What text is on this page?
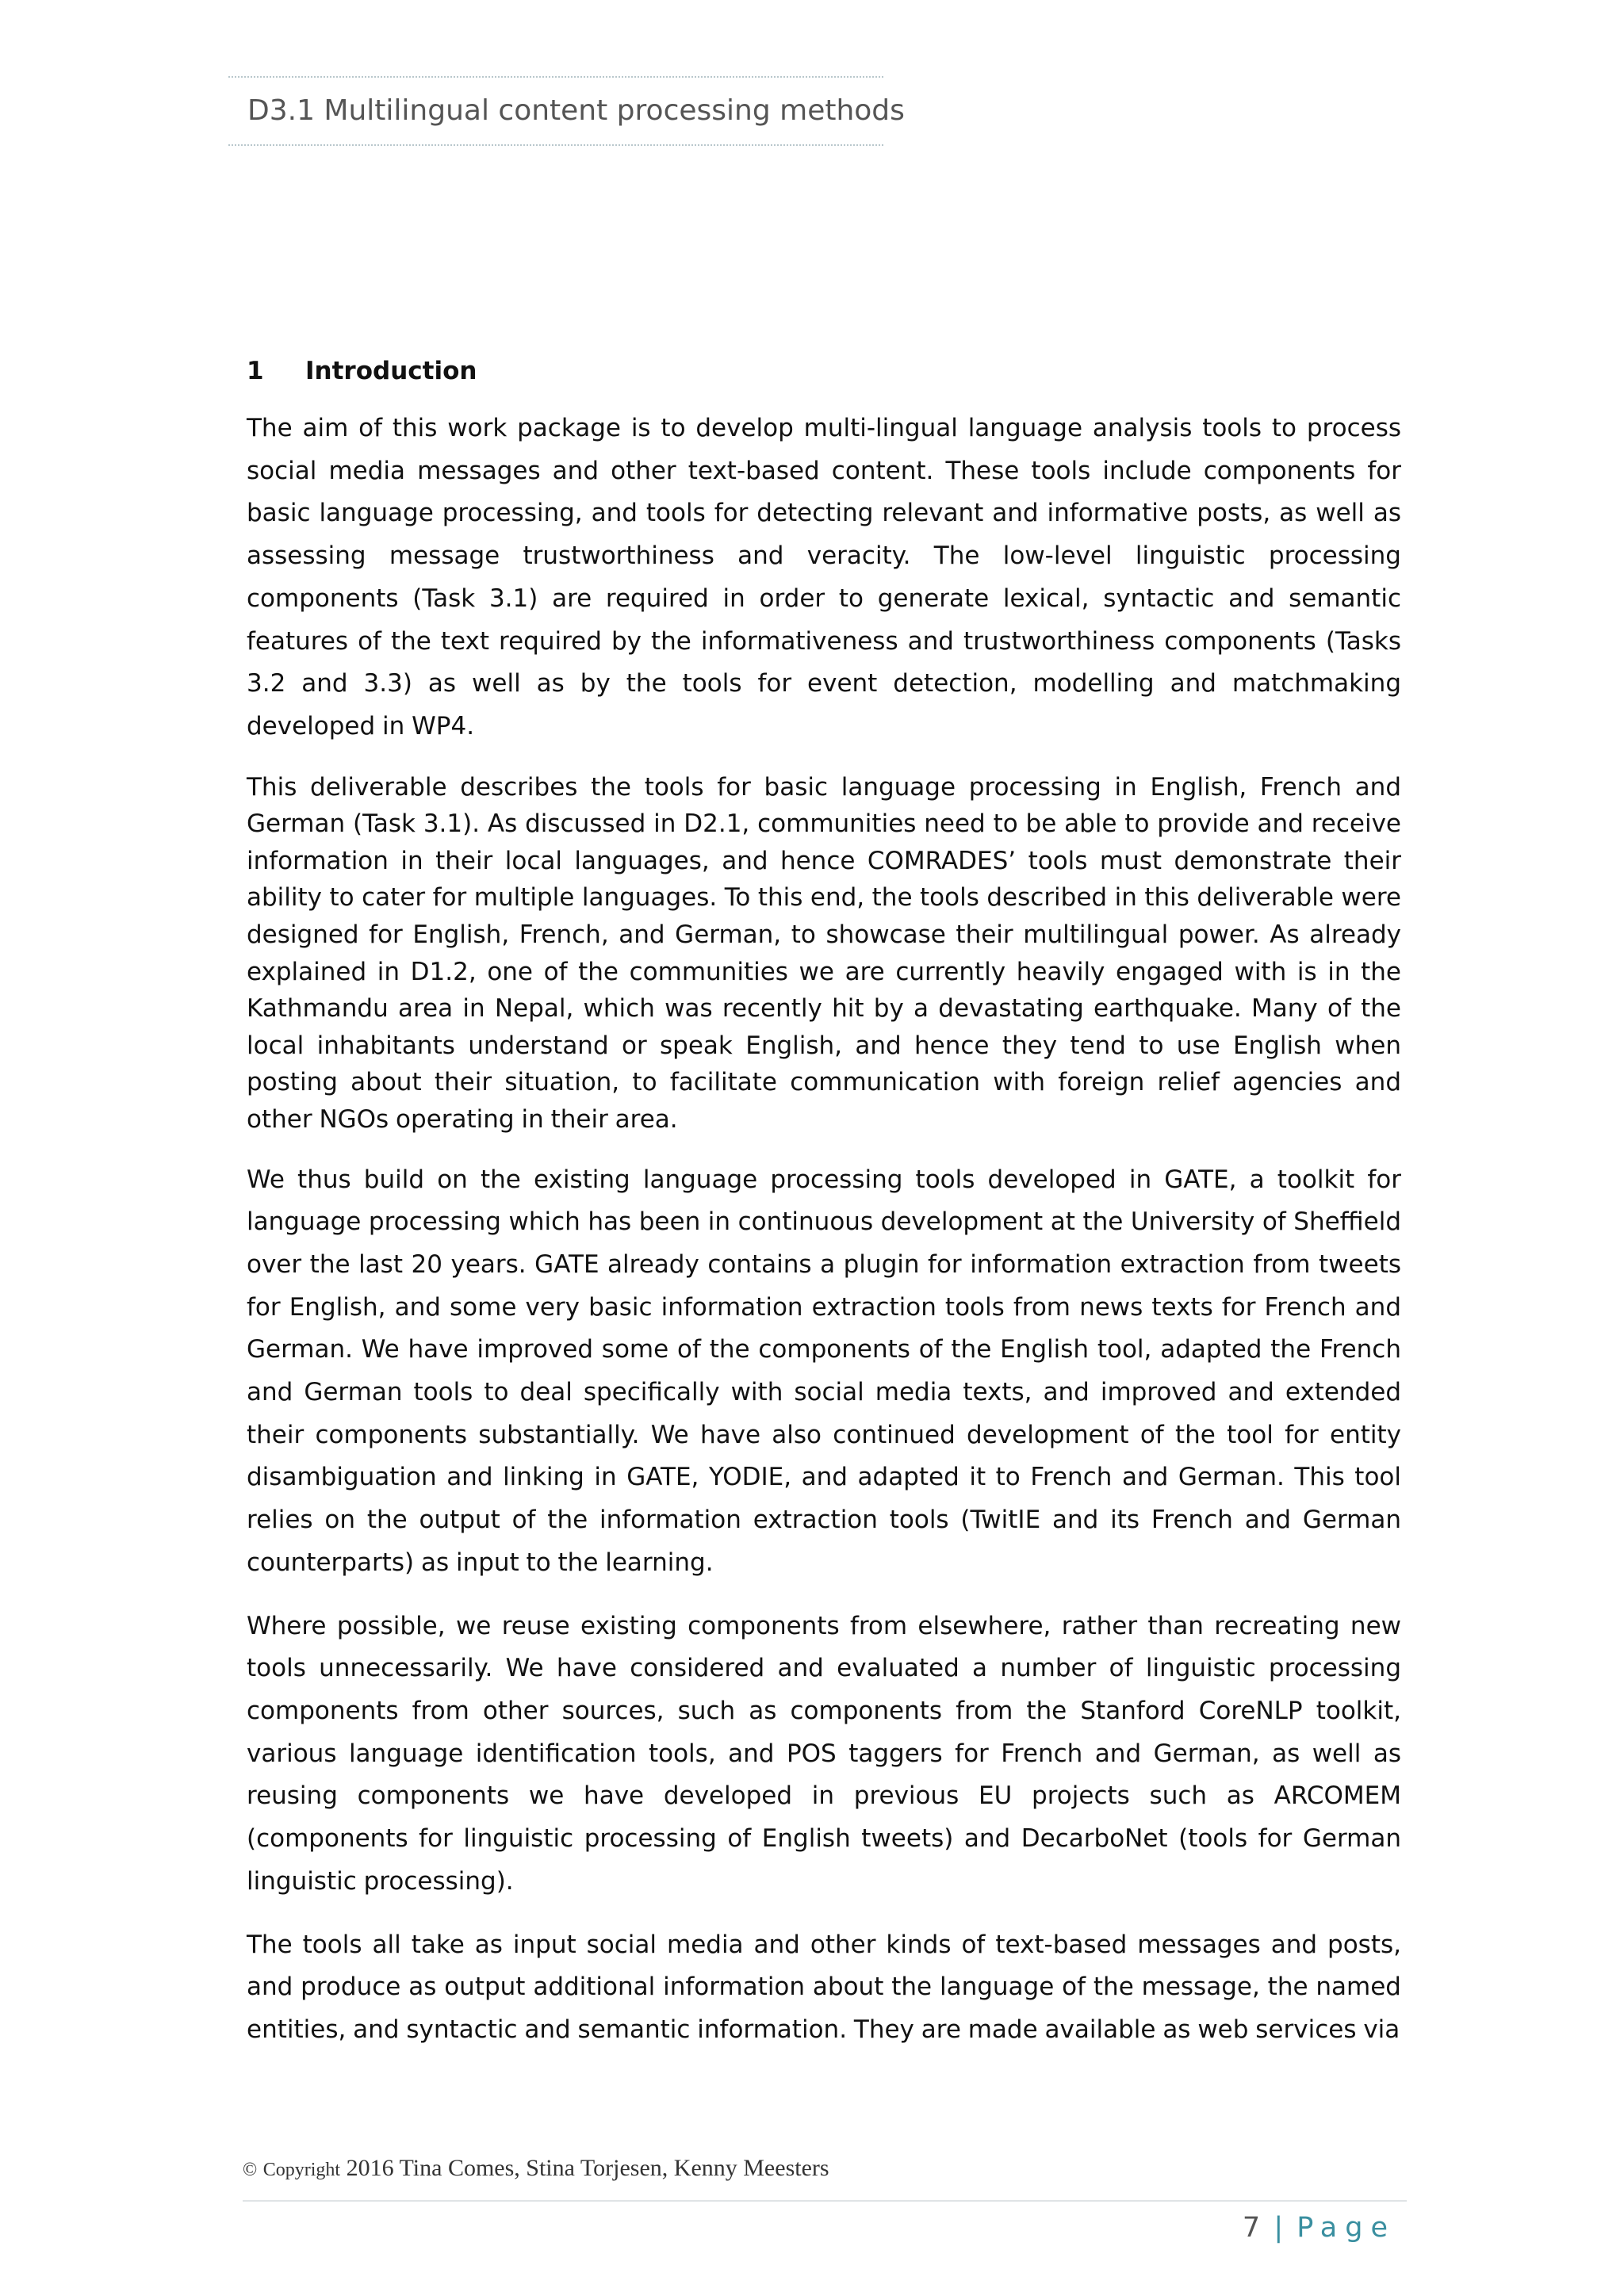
D3.1 Multilingual content processing methods
1	Introduction

The aim of this work package is to develop multi-lingual language analysis tools to process social media messages and other text-based content. These tools include components for basic language processing, and tools for detecting relevant and informative posts, as well as assessing message trustworthiness and veracity. The low-level linguistic processing components (Task 3.1) are required in order to generate lexical, syntactic and semantic features of the text required by the informativeness and trustworthiness components (Tasks 3.2 and 3.3) as well as by the tools for event detection, modelling and matchmaking developed in WP4.

This deliverable describes the tools for basic language processing in English, French and German (Task 3.1). As discussed in D2.1, communities need to be able to provide and receive information in their local languages, and hence COMRADES’ tools must demonstrate their ability to cater for multiple languages. To this end, the tools described in this deliverable were designed for English, French, and German, to showcase their multilingual power. As already explained in D1.2, one of the communities we are currently heavily engaged with is in the Kathmandu area in Nepal, which was recently hit by a devastating earthquake. Many of the local inhabitants understand or speak English, and hence they tend to use English when posting about their situation, to facilitate communication with foreign relief agencies and other NGOs operating in their area.

We thus build on the existing language processing tools developed in GATE, a toolkit for language processing which has been in continuous development at the University of Sheffield over the last 20 years. GATE already contains a plugin for information extraction from tweets for English, and some very basic information extraction tools from news texts for French and German. We have improved some of the components of the English tool, adapted the French and German tools to deal specifically with social media texts, and improved and extended their components substantially. We have also continued development of the tool for entity disambiguation and linking in GATE, YODIE, and adapted it to French and German. This tool relies on the output of the information extraction tools (TwitIE and its French and German counterparts) as input to the learning.

Where possible, we reuse existing components from elsewhere, rather than recreating new tools unnecessarily. We have considered and evaluated a number of linguistic processing components from other sources, such as components from the Stanford CoreNLP toolkit, various language identification tools, and POS taggers for French and German, as well as reusing components we have developed in previous EU projects such as ARCOMEM (components for linguistic processing of English tweets) and DecarboNet (tools for German linguistic processing).

The tools all take as input social media and other kinds of text-based messages and posts, and produce as output additional information about the language of the message, the named entities, and syntactic and semantic information. They are made available as web services via

© Copyright 2016 Tina Comes, Stina Torjesen, Kenny Meesters
7 | Page
